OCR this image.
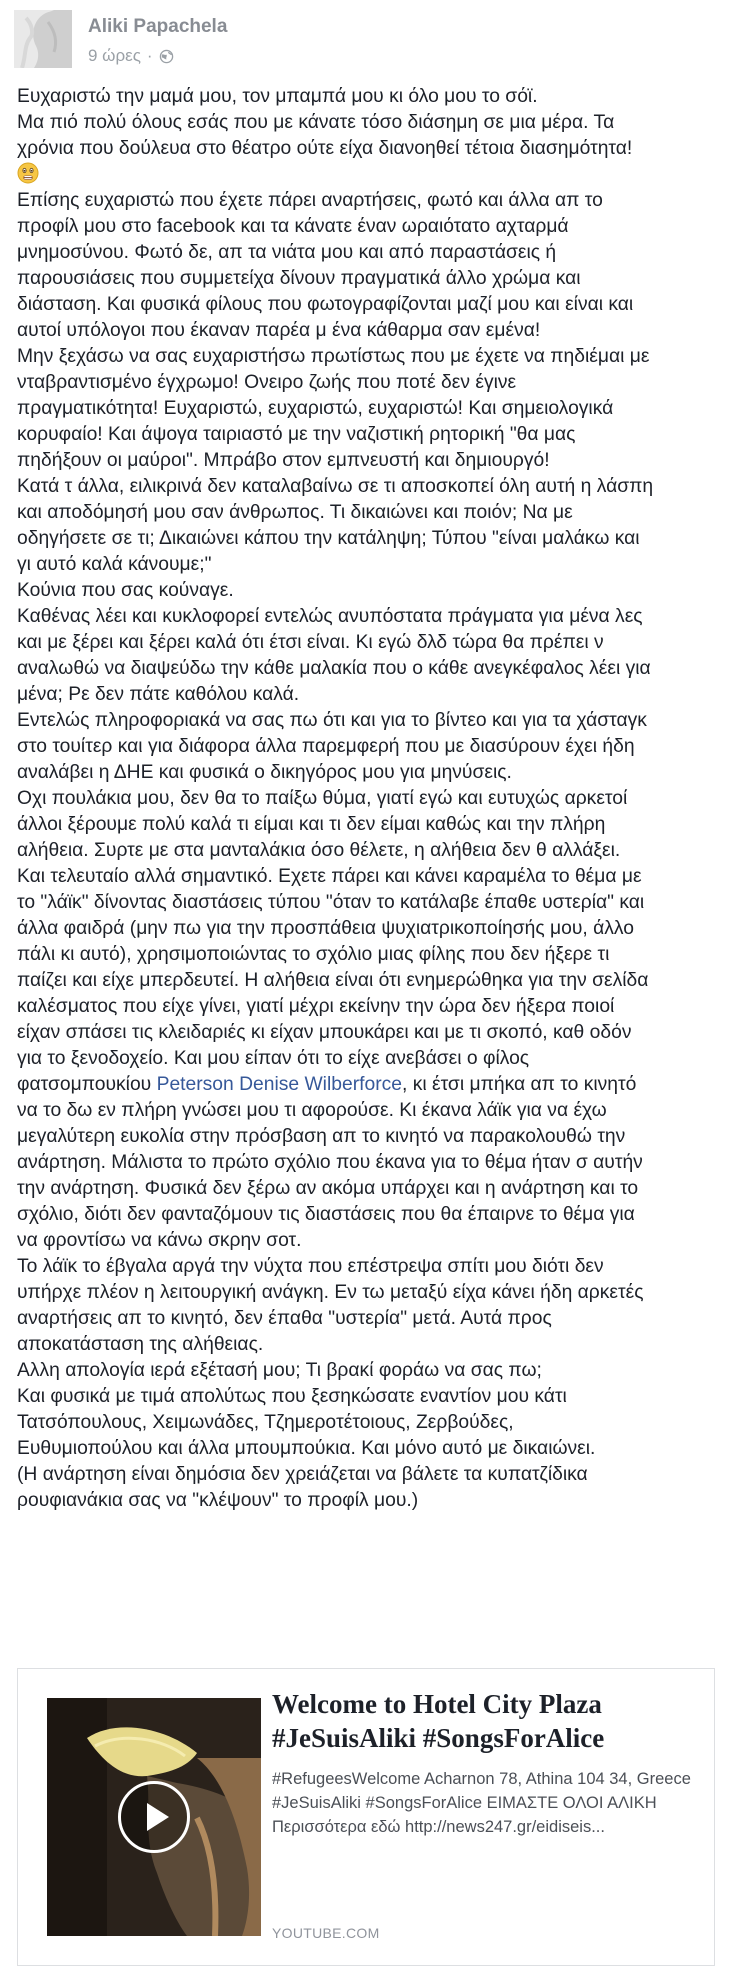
Aliki Papachela
9 ώρες ·

Ευχαριστώ την μαμά μου, τον μπαμπά μου κι όλο μου το σόϊ.

Μα πιό πολύ όλους εσάς που με κάνατε τόσο διάσημη σε μια μέρα. Τα
χρόνια που δούλευα στο θέατρο ούτε είχα διανοηθεί τέτοια διασημότητα!

Επίσης ευχαριστώ που έχετε πάρει αναρτήσεις, φωτό και άλλα απ το
προφίλ μου στο facebook και τα κάνατε έναν ωραιότατο αχταρμά
μνημοσύνου. Φωτό δε, απ τα νιάτα μου και από παραστάσεις ή
παρουσιάσεις που συμμετείχα δίνουν πραγματικά άλλο χρώμα και
διάσταση. Και φυσικά φίλους που φωτογραφίζονται μαζί μου και είναι και
αυτοί υπόλογοι που έκαναν παρέα μ ένα κάθαρμα σαν εμένα!

Μην ξεχάσω να σας ευχαριστήσω πρωτίστως που με έχετε να πηδιέμαι με
νταβραντισμένο έγχρωμο! Ονειρο ζωής που ποτέ δεν έγινε
πραγματικότητα! Ευχαριστώ, ευχαριστώ, ευχαριστώ! Και σημειολογικά
κορυφαίο! Και άψογα ταιριαστό με την ναζιστική ρητορική "θα μας
πηδήξουν οι μαύροι". Μπράβο στον εμπνευστή και δημιουργό!

Κατά τ άλλα, ειλικρινά δεν καταλαβαίνω σε τι αποσκοπεί όλη αυτή η λάσπη
και αποδόμησή μου σαν άνθρωπος. Τι δικαιώνει και ποιόν; Να με
οδηγήσετε σε τι; Δικαιώνει κάπου την κατάληψη; Τύπου "είναι μαλάκω και
γι αυτό καλά κάνουμε;"

Κούνια που σας κούναγε.

Καθένας λέει και κυκλοφορεί εντελώς ανυπόστατα πράγματα για μένα λες
και με ξέρει και ξέρει καλά ότι έτσι είναι. Κι εγώ δλδ τώρα θα πρέπει ν
αναλωθώ να διαψεύδω την κάθε μαλακία που ο κάθε ανεγκέφαλος λέει για
μένα; Ρε δεν πάτε καθόλου καλά.

Εντελώς πληροφοριακά να σας πω ότι και για το βίντεο και για τα χάσταγκ
στο τουίτερ και για διάφορα άλλα παρεμφερή που με διασύρουν έχει ήδη
αναλάβει η ΔΗΕ και φυσικά ο δικηγόρος μου για μηνύσεις.

Οχι πουλάκια μου, δεν θα το παίξω θύμα, γιατί εγώ και ευτυχώς αρκετοί
άλλοι ξέρουμε πολύ καλά τι είμαι και τι δεν είμαι καθώς και την πλήρη
αλήθεια. Συρτε με στα μανταλάκια όσο θέλετε, η αλήθεια δεν θ αλλάξει.

Και τελευταίο αλλά σημαντικό. Εχετε πάρει και κάνει καραμέλα το θέμα με
το "λάϊκ" δίνοντας διαστάσεις τύπου "όταν το κατάλαβε έπαθε υστερία" και
άλλα φαιδρά (μην πω για την προσπάθεια ψυχιατρικοποίησής μου, άλλο
πάλι κι αυτό), χρησιμοποιώντας το σχόλιο μιας φίλης που δεν ήξερε τι
παίζει και είχε μπερδευτεί. Η αλήθεια είναι ότι ενημερώθηκα για την σελίδα
καλέσματος που είχε γίνει, γιατί μέχρι εκείνην την ώρα δεν ήξερα ποιοί
είχαν σπάσει τις κλειδαριές κι είχαν μπουκάρει και με τι σκοπό, καθ οδόν
για το ξενοδοχείο. Και μου είπαν ότι το είχε ανεβάσει ο φίλος
φατσομπουκίου Peterson Denise Wilberforce, κι έτσι μπήκα απ το κινητό
να το δω εν πλήρη γνώσει μου τι αφορούσε. Κι έκανα λάϊκ για να έχω
μεγαλύτερη ευκολία στην πρόσβαση απ το κινητό να παρακολουθώ την
ανάρτηση. Μάλιστα το πρώτο σχόλιο που έκανα για το θέμα ήταν σ αυτήν
την ανάρτηση. Φυσικά δεν ξέρω αν ακόμα υπάρχει και η ανάρτηση και το
σχόλιο, διότι δεν φανταζόμουν τις διαστάσεις που θα έπαιρνε το θέμα για
να φροντίσω να κάνω σκρην σοτ.

Το λάϊκ το έβγαλα αργά την νύχτα που επέστρεψα σπίτι μου διότι δεν
υπήρχε πλέον η λειτουργική ανάγκη. Εν τω μεταξύ είχα κάνει ήδη αρκετές
αναρτήσεις απ το κινητό, δεν έπαθα "υστερία" μετά. Αυτά προς
αποκατάσταση της αλήθειας.

Αλλη απολογία ιερά εξέτασή μου; Τι βρακί φοράω να σας πω;

Και φυσικά με τιμά απολύτως που ξεσηκώσατε εναντίον μου κάτι
Τατσόπουλους, Χειμωνάδες, Τζημερoτέτοιους, Ζερβούδες,
Ευθυμιοπούλου και άλλα μπουμπούκια. Και μόνο αυτό με δικαιώνει.

(Η ανάρτηση είναι δημόσια δεν χρειάζεται να βάλετε τα κυπατζίδικα
ρουφιανάκια σας να "κλέψουν" το προφίλ μου.)

Welcome to Hotel City Plaza #JeSuisAliki #SongsForAlice
#RefugeesWelcome Acharnon 78, Athina 104 34, Greece #JeSuisAliki #SongsForAlice ΕΙΜΑΣΤΕ ΟΛΟΙ ΑΛΙΚΗ Περισσότερα εδώ http://news247.gr/eidiseis...
YOUTUBE.COM
